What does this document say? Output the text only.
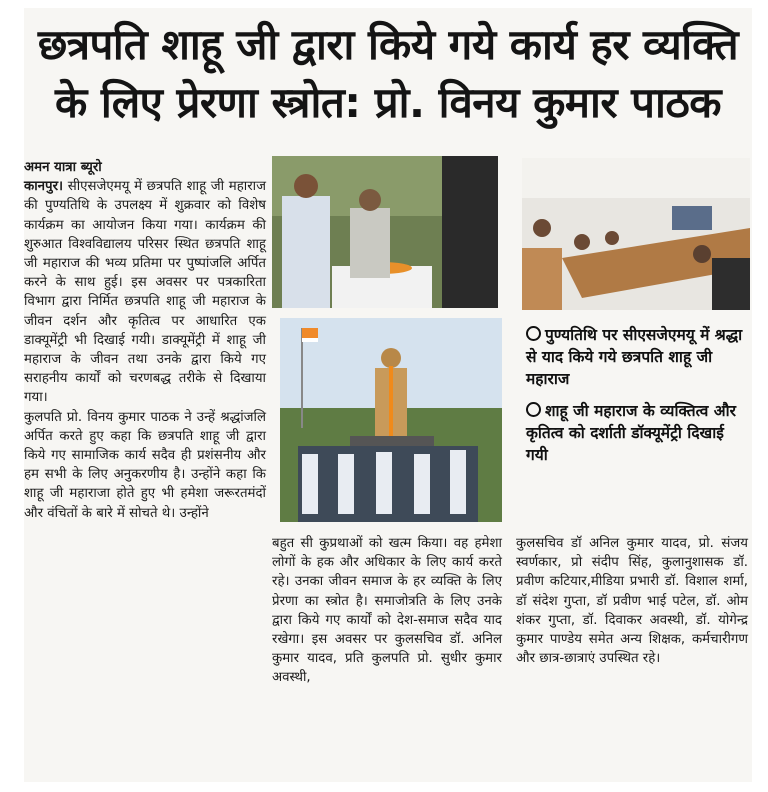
छत्रपति शाहू जी द्वारा किये गये कार्य हर व्यक्ति
के लिए प्रेरणा स्त्रोत: प्रो. विनय कुमार पाठक

अमन यात्रा ब्यूरो

कानपुर। सीएसजेएमयू में छत्रपति शाहू जी महाराज की पुण्यतिथि के उपलक्ष्य में शुक्रवार को विशेष कार्यक्रम का आयोजन किया गया। कार्यक्रम की शुरुआत विश्वविद्यालय परिसर स्थित छत्रपति शाहू जी महाराज की भव्य प्रतिमा पर पुष्पांजलि अर्पित करने के साथ हुई। इस अवसर पर पत्रकारिता विभाग द्वारा निर्मित छत्रपति शाहू जी महाराज के जीवन दर्शन और कृतित्व पर आधारित एक डाक्यूमेंट्री भी दिखाई गयी। डाक्यूमेंट्री में शाहू जी महाराज के जीवन तथा उनके द्वारा किये गए सराहनीय कार्यों को चरणबद्ध तरीके से दिखाया गया।

कुलपति प्रो. विनय कुमार पाठक ने उन्हें श्रद्धांजलि अर्पित करते हुए कहा कि छत्रपति शाहू जी द्वारा किये गए सामाजिक कार्य सदैव ही प्रशंसनीय और हम सभी के लिए अनुकरणीय है। उन्होंने कहा कि शाहू जी महाराजा होते हुए भी हमेशा जरूरतमंदों और वंचितों के बारे में सोचते थे। उन्होंने

पुण्यतिथि पर सीएसजेएमयू में श्रद्धा से याद किये गये छत्रपति शाहू जी महाराज
शाहू जी महाराज के व्यक्तित्व और कृतित्व को दर्शाती डॉक्यूमेंट्री दिखाई गयी

बहुत सी कुप्रथाओं को खत्म किया। वह हमेशा लोगों के हक और अधिकार के लिए कार्य करते रहे। उनका जीवन समाज के हर व्यक्ति के लिए प्रेरणा का स्त्रोत है। समाजोत्रति के लिए उनके द्वारा किये गए कार्यों को देश-समाज सदैव याद रखेगा। इस अवसर पर कुलसचिव डॉ. अनिल कुमार यादव, प्रति कुलपति प्रो. सुधीर कुमार अवस्थी,

कुलसचिव डॉ अनिल कुमार यादव, प्रो. संजय स्वर्णकार, प्रो संदीप सिंह, कुलानुशासक डॉ. प्रवीण कटियार,मीडिया प्रभारी डॉ. विशाल शर्मा, डॉ संदेश गुप्ता, डॉ प्रवीण भाई पटेल, डॉ. ओम शंकर गुप्ता, डॉ. दिवाकर अवस्थी, डॉ. योगेन्द्र कुमार पाण्डेय समेत अन्य शिक्षक, कर्मचारीगण और छात्र-छात्राएं उपस्थित रहे।
